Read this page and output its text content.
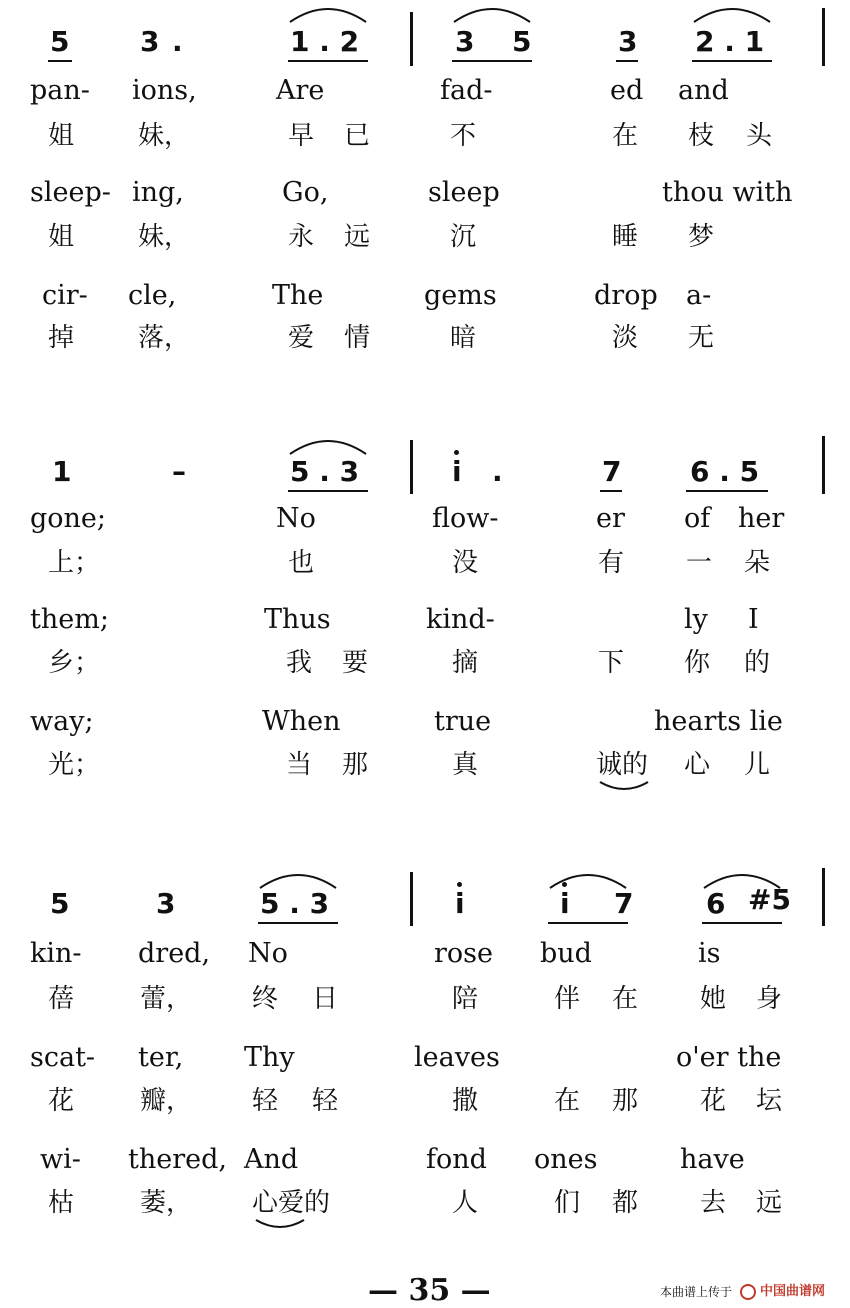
5	3 .	1 . 2	3 5	3 2 . 1
pan- ions,	Are	fad-	ed and
姐 妹，	早 已	不	在 枝 头
sleep- ing,	Go,	sleep	thou with
姐 妹，	永 远	沉	睡 梦
cir- cle,	The	gems	drop a-
掉 落，	爱 情	暗	淡 无
1	–	5 . 3	i .	7 6 . 5
gone;	No	flow-	er of her
上；	也	没	有 一 朵
them;	Thus	kind-	ly I
乡；	我 要	摘	下 你 的
way;	When	true	hearts lie
光；	当 那	真	诚的 心 儿
5	3	5 . 3	i	i 7	6 #5
kin- dred, No	rose bud	is
蓓	蕾， 终 日	陪	伴 在 她 身
scat- ter, Thy	leaves	o'er the
花	瓣， 轻 轻	撒	在 那 花 坛
wi- thered, And	fond ones	have
枯	萎， 心爱的	人	们 都 去 远
— 35 —	本曲谱上传于 中国曲谱网
